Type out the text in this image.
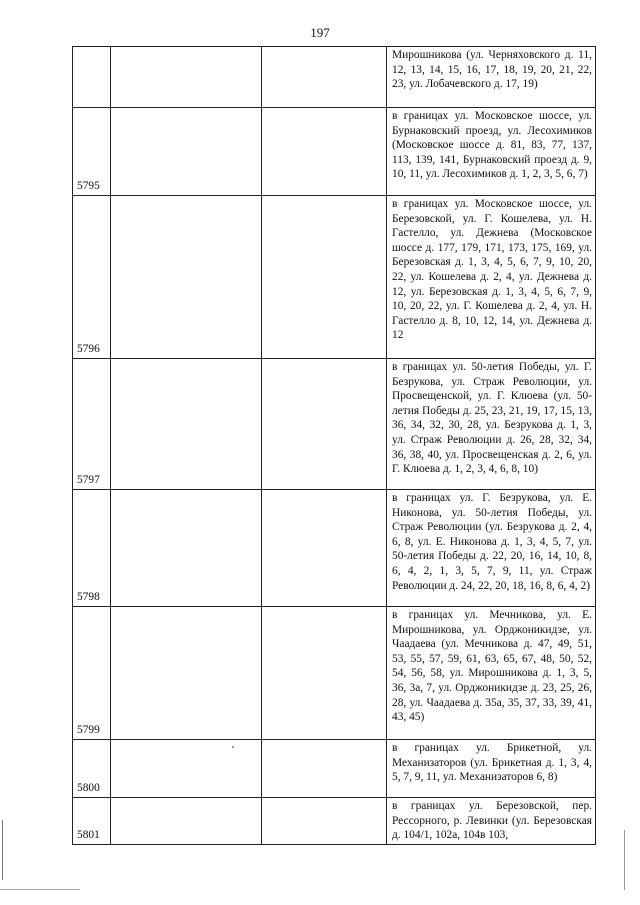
197

			Мирошникова (ул. Черняховского д. 11, 12, 13, 14, 15, 16, 17, 18, 19, 20, 21, 22, 23, ул. Лобачевского д. 17, 19)

5795			в границах ул. Московское шоссе, ул. Бурнаковский проезд, ул. Лесохимиков (Московское шоссе д. 81, 83, 77, 137, 113, 139, 141, Бурнаковский проезд д. 9, 10, 11, ул. Лесохимиков д. 1, 2, 3, 5, 6, 7)

5796			в границах ул. Московское шоссе, ул. Березовской, ул. Г. Кошелева, ул. Н. Гастелло, ул. Дежнева (Московское шоссе д. 177, 179, 171, 173, 175, 169, ул. Березовская д. 1, 3, 4, 5, 6, 7, 9, 10, 20, 22, ул. Кошелева д. 2, 4, ул. Дежнева д. 12, ул. Березовская д. 1, 3, 4, 5, 6, 7, 9, 10, 20, 22, ул. Г. Кошелева д. 2, 4, ул. Н. Гастелло д. 8, 10, 12, 14, ул. Дежнева д. 12

5797			в границах ул. 50-летия Победы, ул. Г. Безрукова, ул. Страж Революции, ул. Просвещенской, ул. Г. Клюева (ул. 50-летия Победы д. 25, 23, 21, 19, 17, 15, 13, 36, 34, 32, 30, 28, ул. Безрукова д. 1, 3, ул. Страж Революции д. 26, 28, 32, 34, 36, 38, 40, ул. Просвещенская д. 2, 6, ул. Г. Клюева д. 1, 2, 3, 4, 6, 8, 10)

5798			в границах ул. Г. Безрукова, ул. Е. Никонова, ул. 50-летия Победы, ул. Страж Революции (ул. Безрукова д. 2, 4, 6, 8, ул. Е. Никонова д. 1, 3, 4, 5, 7, ул. 50-летия Победы д. 22, 20, 16, 14, 10, 8, 6, 4, 2, 1, 3, 5, 7, 9, 11, ул. Страж Революции д. 24, 22, 20, 18, 16, 8, 6, 4, 2)

5799			в границах ул. Мечникова, ул. Е. Мирошникова, ул. Орджоникидзе, ул. Чаадаева (ул. Мечникова д. 47, 49, 51, 53, 55, 57, 59, 61, 63, 65, 67, 48, 50, 52, 54, 56, 58, ул. Мирошникова д. 1, 3, 5, 36, 3а, 7, ул. Орджоникидзе д. 23, 25, 26, 28, ул. Чаадаева д. 35а, 35, 37, 33, 39, 41, 43, 45)

5800			в границах ул. Брикетной, ул. Механизаторов (ул. Брикетная д. 1, 3, 4, 5, 7, 9, 11, ул. Механизаторов 6, 8)

5801			в границах ул. Березовской, пер. Рессорного, р. Левинки (ул. Березовская д. 104/1, 102а, 104в 103,
